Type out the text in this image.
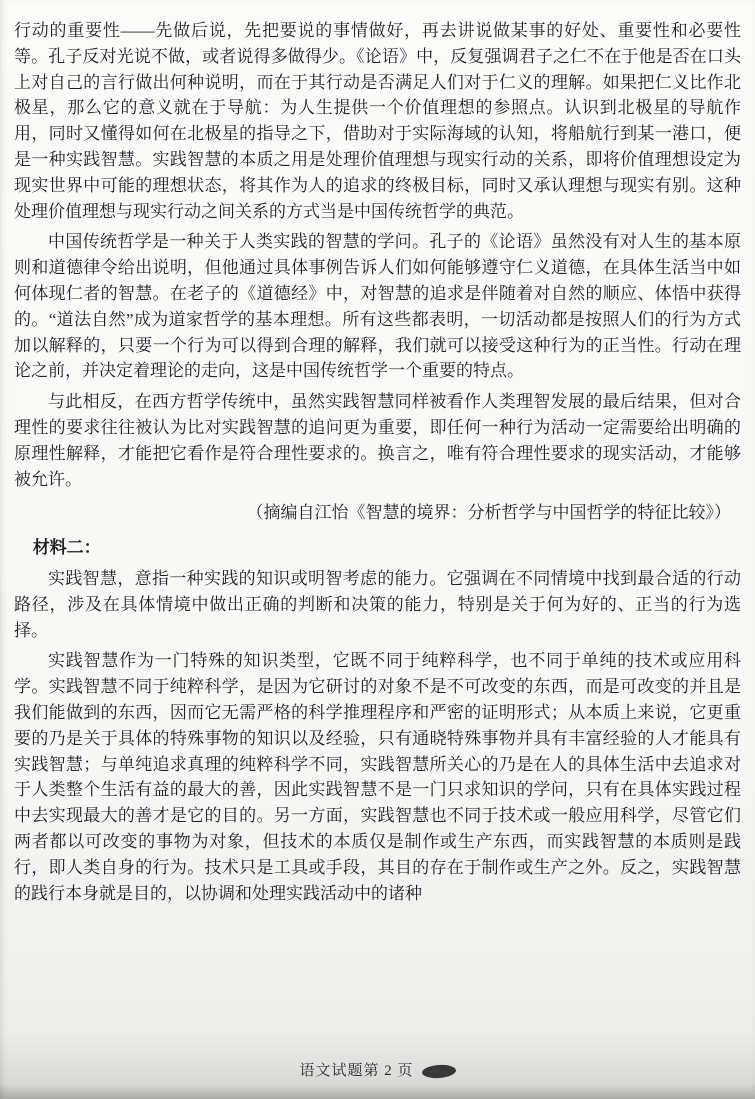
行动的重要性——先做后说，先把要说的事情做好，再去讲说做某事的好处、重要性和必要性等。孔子反对光说不做，或者说得多做得少。《论语》中，反复强调君子之仁不在于他是否在口头上对自己的言行做出何种说明，而在于其行动是否满足人们对于仁义的理解。如果把仁义比作北极星，那么它的意义就在于导航：为人生提供一个价值理想的参照点。认识到北极星的导航作用，同时又懂得如何在北极星的指导之下，借助对于实际海域的认知，将船航行到某一港口，便是一种实践智慧。实践智慧的本质之用是处理价值理想与现实行动的关系，即将价值理想设定为现实世界中可能的理想状态，将其作为人的追求的终极目标，同时又承认理想与现实有别。这种处理价值理想与现实行动之间关系的方式当是中国传统哲学的典范。

中国传统哲学是一种关于人类实践的智慧的学问。孔子的《论语》虽然没有对人生的基本原则和道德律令给出说明，但他通过具体事例告诉人们如何能够遵守仁义道德，在具体生活当中如何体现仁者的智慧。在老子的《道德经》中，对智慧的追求是伴随着对自然的顺应、体悟中获得的。“道法自然”成为道家哲学的基本理想。所有这些都表明，一切活动都是按照人们的行为方式加以解释的，只要一个行为可以得到合理的解释，我们就可以接受这种行为的正当性。行动在理论之前，并决定着理论的走向，这是中国传统哲学一个重要的特点。

与此相反，在西方哲学传统中，虽然实践智慧同样被看作人类理智发展的最后结果，但对合理性的要求往往被认为比对实践智慧的追问更为重要，即任何一种行为活动一定需要给出明确的原理性解释，才能把它看作是符合理性要求的。换言之，唯有符合理性要求的现实活动，才能够被允许。

（摘编自江怡《智慧的境界：分析哲学与中国哲学的特征比较》）

材料二：

实践智慧，意指一种实践的知识或明智考虑的能力。它强调在不同情境中找到最合适的行动路径，涉及在具体情境中做出正确的判断和决策的能力，特别是关于何为好的、正当的行为选择。

实践智慧作为一门特殊的知识类型，它既不同于纯粹科学，也不同于单纯的技术或应用科学。实践智慧不同于纯粹科学，是因为它研讨的对象不是不可改变的东西，而是可改变的并且是我们能做到的东西，因而它无需严格的科学推理程序和严密的证明形式；从本质上来说，它更重要的乃是关于具体的特殊事物的知识以及经验，只有通晓特殊事物并具有丰富经验的人才能具有实践智慧；与单纯追求真理的纯粹科学不同，实践智慧所关心的乃是在人的具体生活中去追求对于人类整个生活有益的最大的善，因此实践智慧不是一门只求知识的学问，只有在具体实践过程中去实现最大的善才是它的目的。另一方面，实践智慧也不同于技术或一般应用科学，尽管它们两者都以可改变的事物为对象，但技术的本质仅是制作或生产东西，而实践智慧的本质则是践行，即人类自身的行为。技术只是工具或手段，其目的存在于制作或生产之外。反之，实践智慧的践行本身就是目的，以协调和处理实践活动中的诸种

语文试题第 2 页
